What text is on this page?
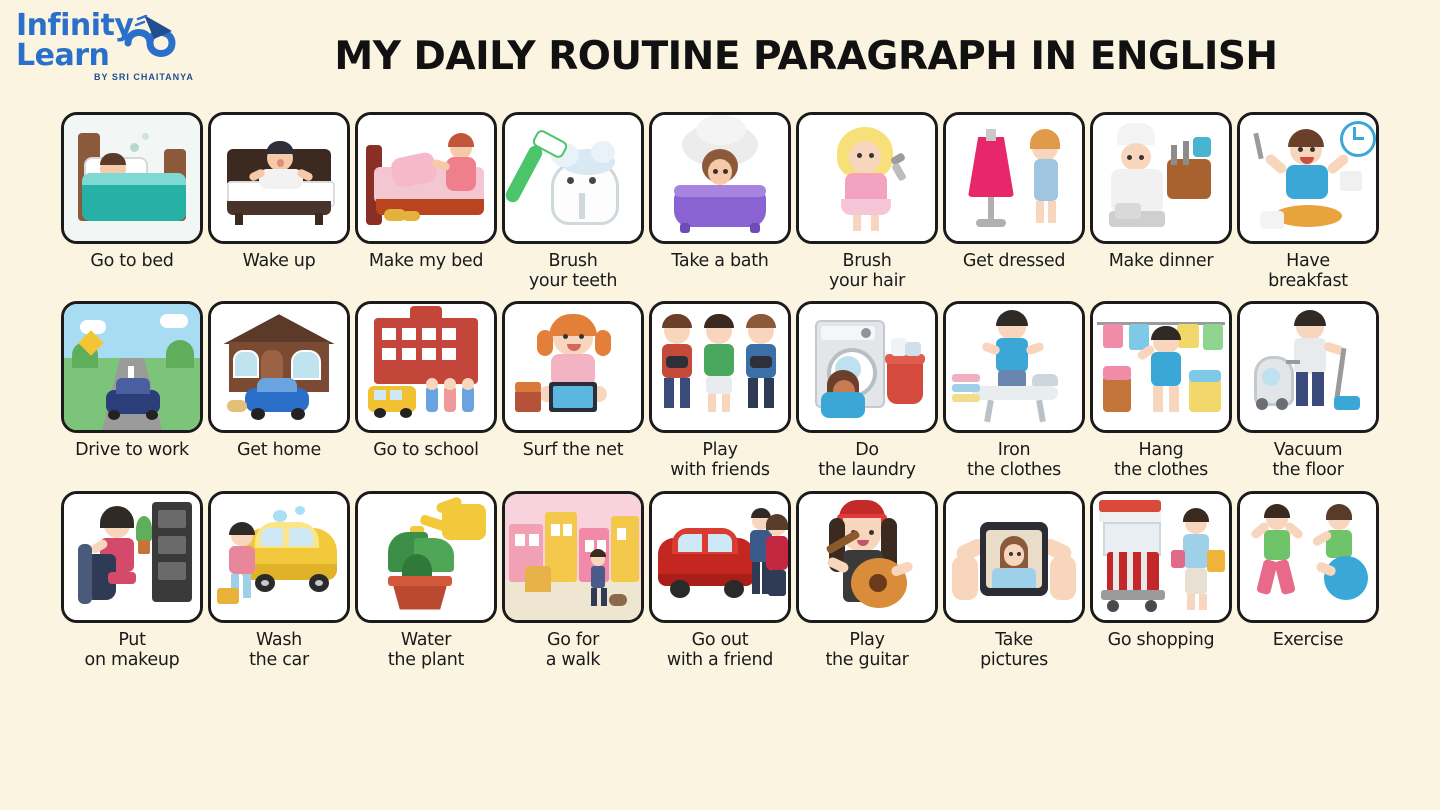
Infinity
Learn
BY SRI CHAITANYA	MY DAILY ROUTINE PARAGRAPH IN ENGLISH
Go to bed	Wake up	Make my bed	Brush
your teeth
Take a bath	Brush
your hair
Get dressed Make dinner	Have
breakfast
Drive to work	Get home	Go to school	Surf the net	Play
with friends
Do
the laundry
Iron
the clothes
Hang
the clothes
Vacuum
the floor
Put
on makeup
Wash
the car
Water
the plant
Go for
a walk
Go out
with a friend
Play
the guitar
Take
pictures
Go shopping	Exercise
